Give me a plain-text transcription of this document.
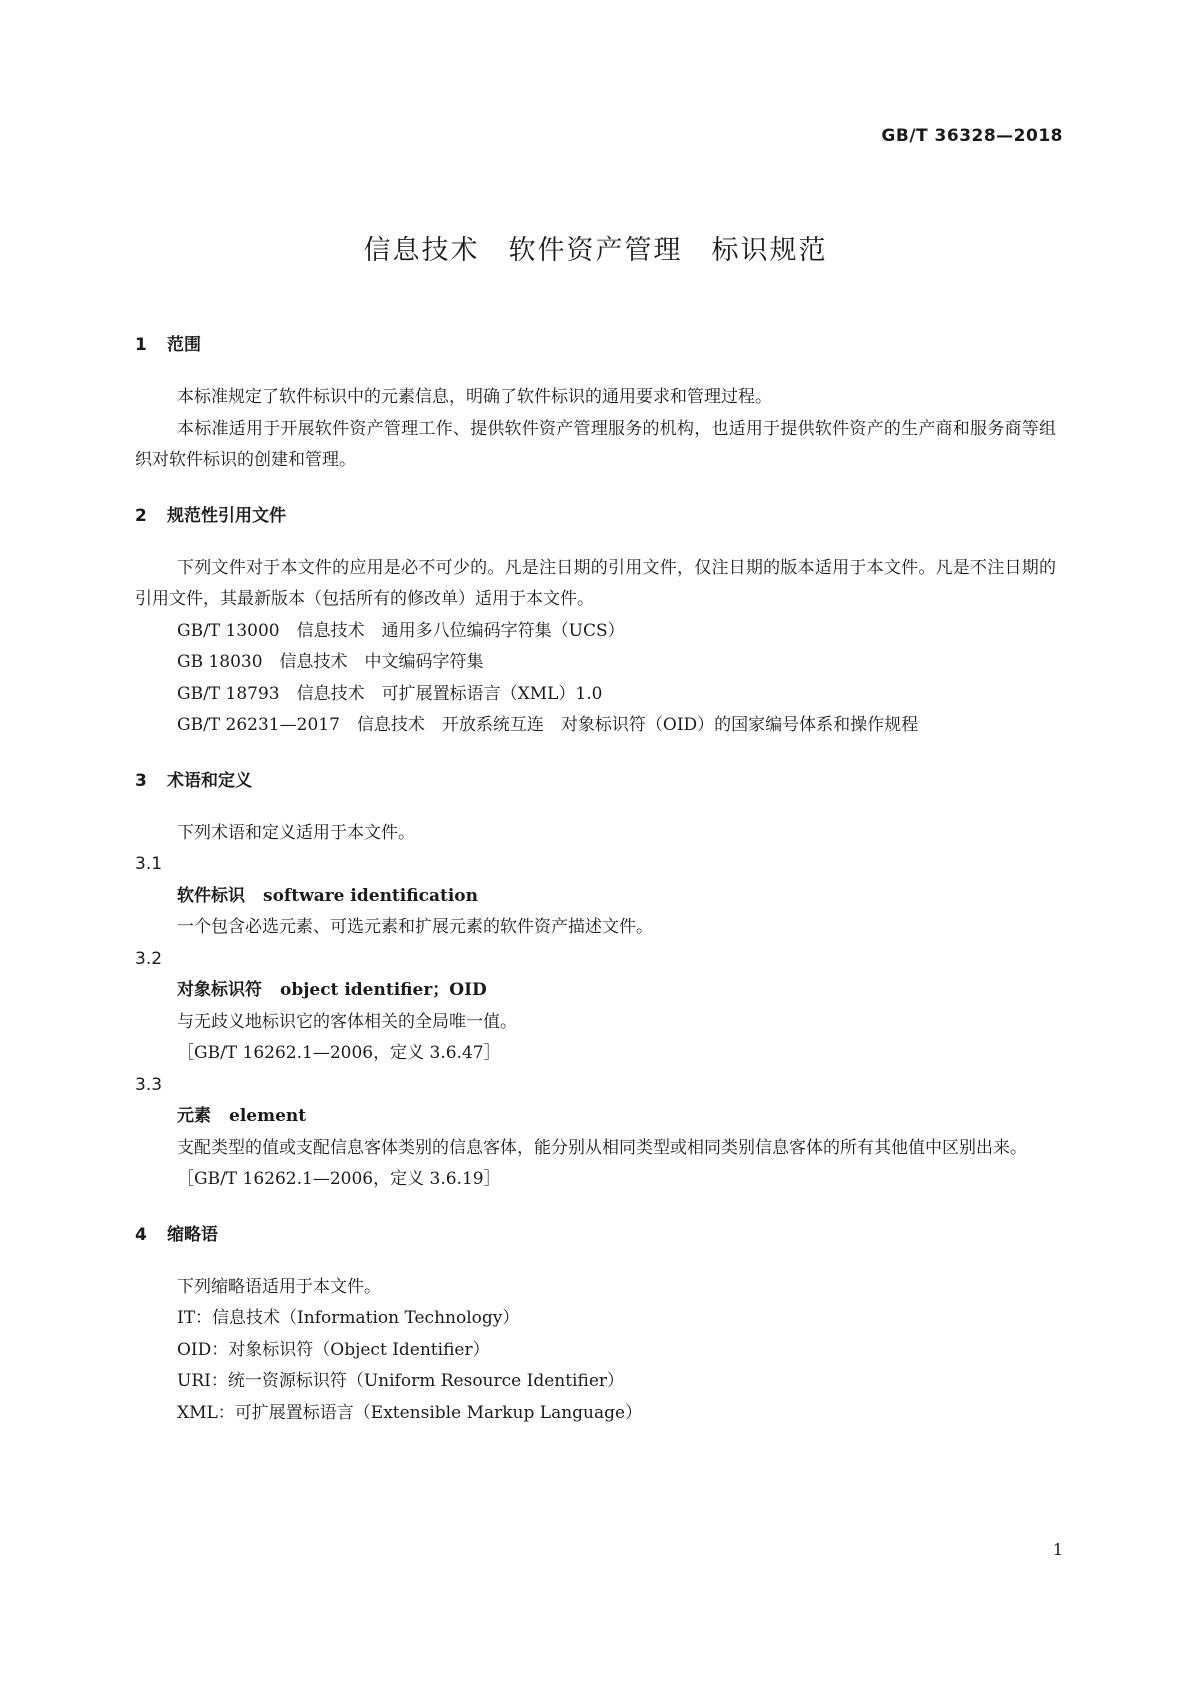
GB/T 36328—2018
信息技术　软件资产管理　标识规范
1 范围
本标准规定了软件标识中的元素信息，明确了软件标识的通用要求和管理过程。
本标准适用于开展软件资产管理工作、提供软件资产管理服务的机构，也适用于提供软件资产的生产商和服务商等组织对软件标识的创建和管理。
2 规范性引用文件
下列文件对于本文件的应用是必不可少的。凡是注日期的引用文件，仅注日期的版本适用于本文件。凡是不注日期的引用文件，其最新版本（包括所有的修改单）适用于本文件。
GB/T 13000　信息技术　通用多八位编码字符集（UCS）
GB 18030　信息技术　中文编码字符集
GB/T 18793　信息技术　可扩展置标语言（XML）1.0
GB/T 26231—2017　信息技术　开放系统互连　对象标识符（OID）的国家编号体系和操作规程
3 术语和定义
下列术语和定义适用于本文件。
3.1
软件标识 software identification
一个包含必选元素、可选元素和扩展元素的软件资产描述文件。
3.2
对象标识符 object identifier；OID
与无歧义地标识它的客体相关的全局唯一值。
［GB/T 16262.1—2006，定义 3.6.47］
3.3
元素 element
支配类型的值或支配信息客体类别的信息客体，能分别从相同类型或相同类别信息客体的所有其他值中区别出来。
［GB/T 16262.1—2006，定义 3.6.19］
4 缩略语
下列缩略语适用于本文件。
IT：信息技术（Information Technology）
OID：对象标识符（Object Identifier）
URI：统一资源标识符（Uniform Resource Identifier）
XML：可扩展置标语言（Extensible Markup Language）
1
